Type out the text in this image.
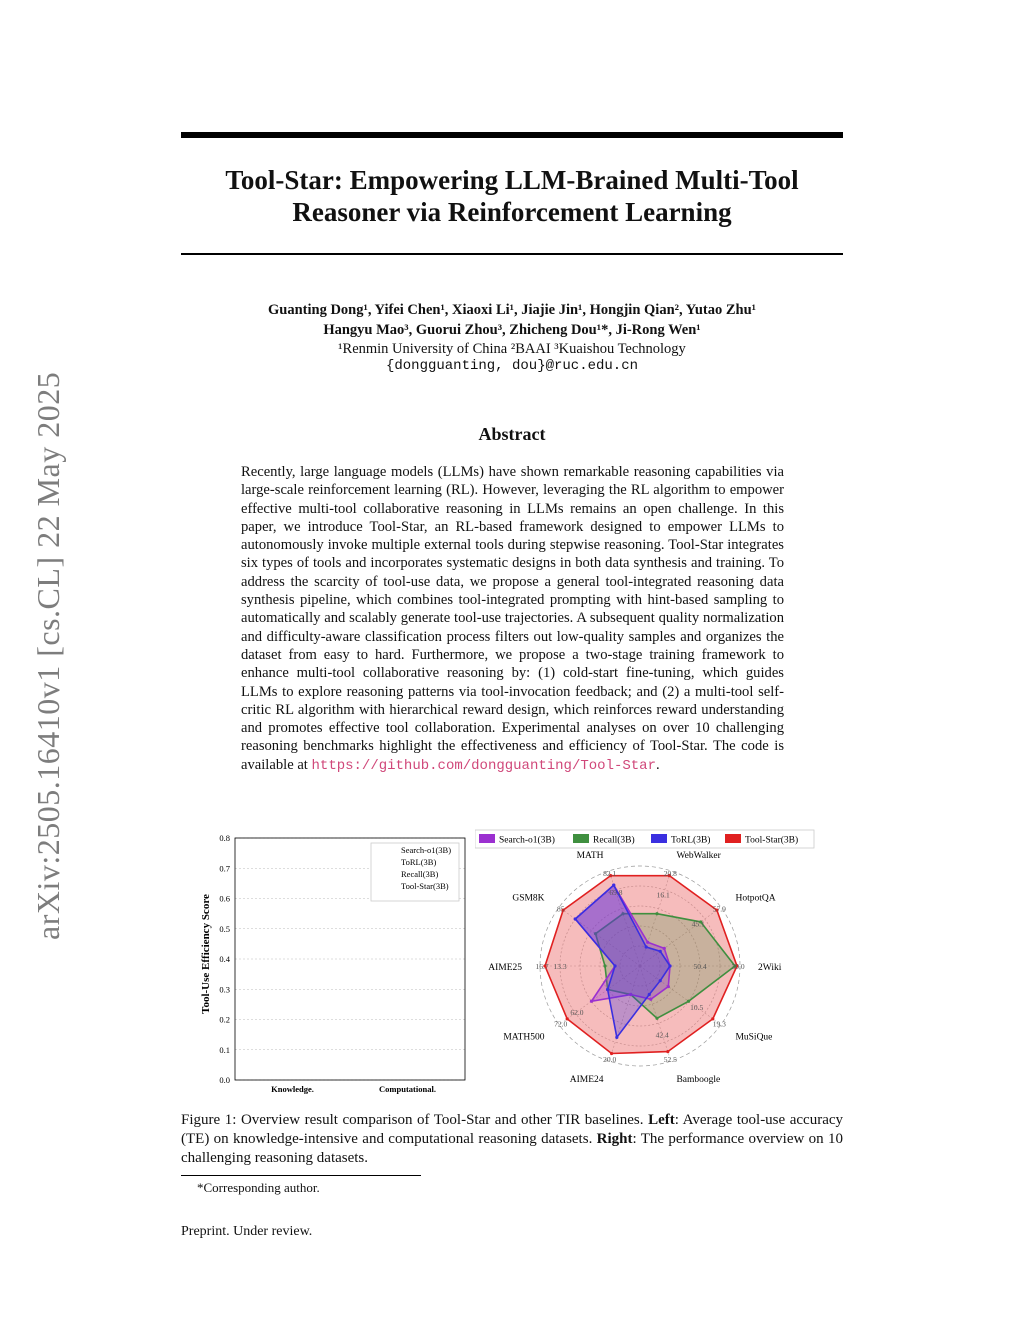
arXiv:2505.16410v1 [cs.CL] 22 May 2025
Tool-Star: Empowering LLM-Brained Multi-Tool
Reasoner via Reinforcement Learning
Guanting Dong¹, Yifei Chen¹, Xiaoxi Li¹, Jiajie Jin¹, Hongjin Qian², Yutao Zhu¹
Hangyu Mao³, Guorui Zhou³, Zhicheng Dou¹*, Ji-Rong Wen¹
¹Renmin University of China ²BAAI ³Kuaishou Technology
{dongguanting, dou}@ruc.edu.cn
Abstract
Recently, large language models (LLMs) have shown remarkable reasoning capabilities via large-scale reinforcement learning (RL). However, leveraging the RL algorithm to empower effective multi-tool collaborative reasoning in LLMs remains an open challenge. In this paper, we introduce Tool-Star, an RL-based framework designed to empower LLMs to autonomously invoke multiple external tools during stepwise reasoning. Tool-Star integrates six types of tools and incorporates systematic designs in both data synthesis and training. To address the scarcity of tool-use data, we propose a general tool-integrated reasoning data synthesis pipeline, which combines tool-integrated prompting with hint-based sampling to automatically and scalably generate tool-use trajectories. A subsequent quality normalization and difficulty-aware classification process filters out low-quality samples and organizes the dataset from easy to hard. Furthermore, we propose a two-stage training framework to enhance multi-tool collaborative reasoning by: (1) cold-start fine-tuning, which guides LLMs to explore reasoning patterns via tool-invocation feedback; and (2) a multi-tool self-critic RL algorithm with hierarchical reward design, which reinforces reward understanding and promotes effective tool collaboration. Experimental analyses on over 10 challenging reasoning benchmarks highlight the effectiveness and efficiency of Tool-Star. The code is available at https://github.com/dongguanting/Tool-Star.
Tool-Use Efficiency Score
0.0
0.1
0.2
0.3
0.4
0.5
0.6
0.7
0.8
Knowledge.	Computational.
Search-o1(3B)
ToRL(3B)
Recall(3B)
Tool-Star(3B)
Search-o1(3B)	Recall(3B)	ToRL(3B)	Tool-Star(3B)
20.8
16.1
57.9
45.1
50.4	30.0
19.3
10.5
52.5
42.4
20.0
72.0
62.0
16.7 13.3
85
82.1
69.8
WebWalker
HotpotQA
2Wiki
MuSiQue
Bamboogle
AIME24
MATH500
AIME25
GSM8K
MATH
Figure 1: Overview result comparison of Tool-Star and other TIR baselines. Left: Average tool-use accuracy (TE) on knowledge-intensive and computational reasoning datasets. Right: The performance overview on 10 challenging reasoning datasets.
*Corresponding author.
Preprint. Under review.
